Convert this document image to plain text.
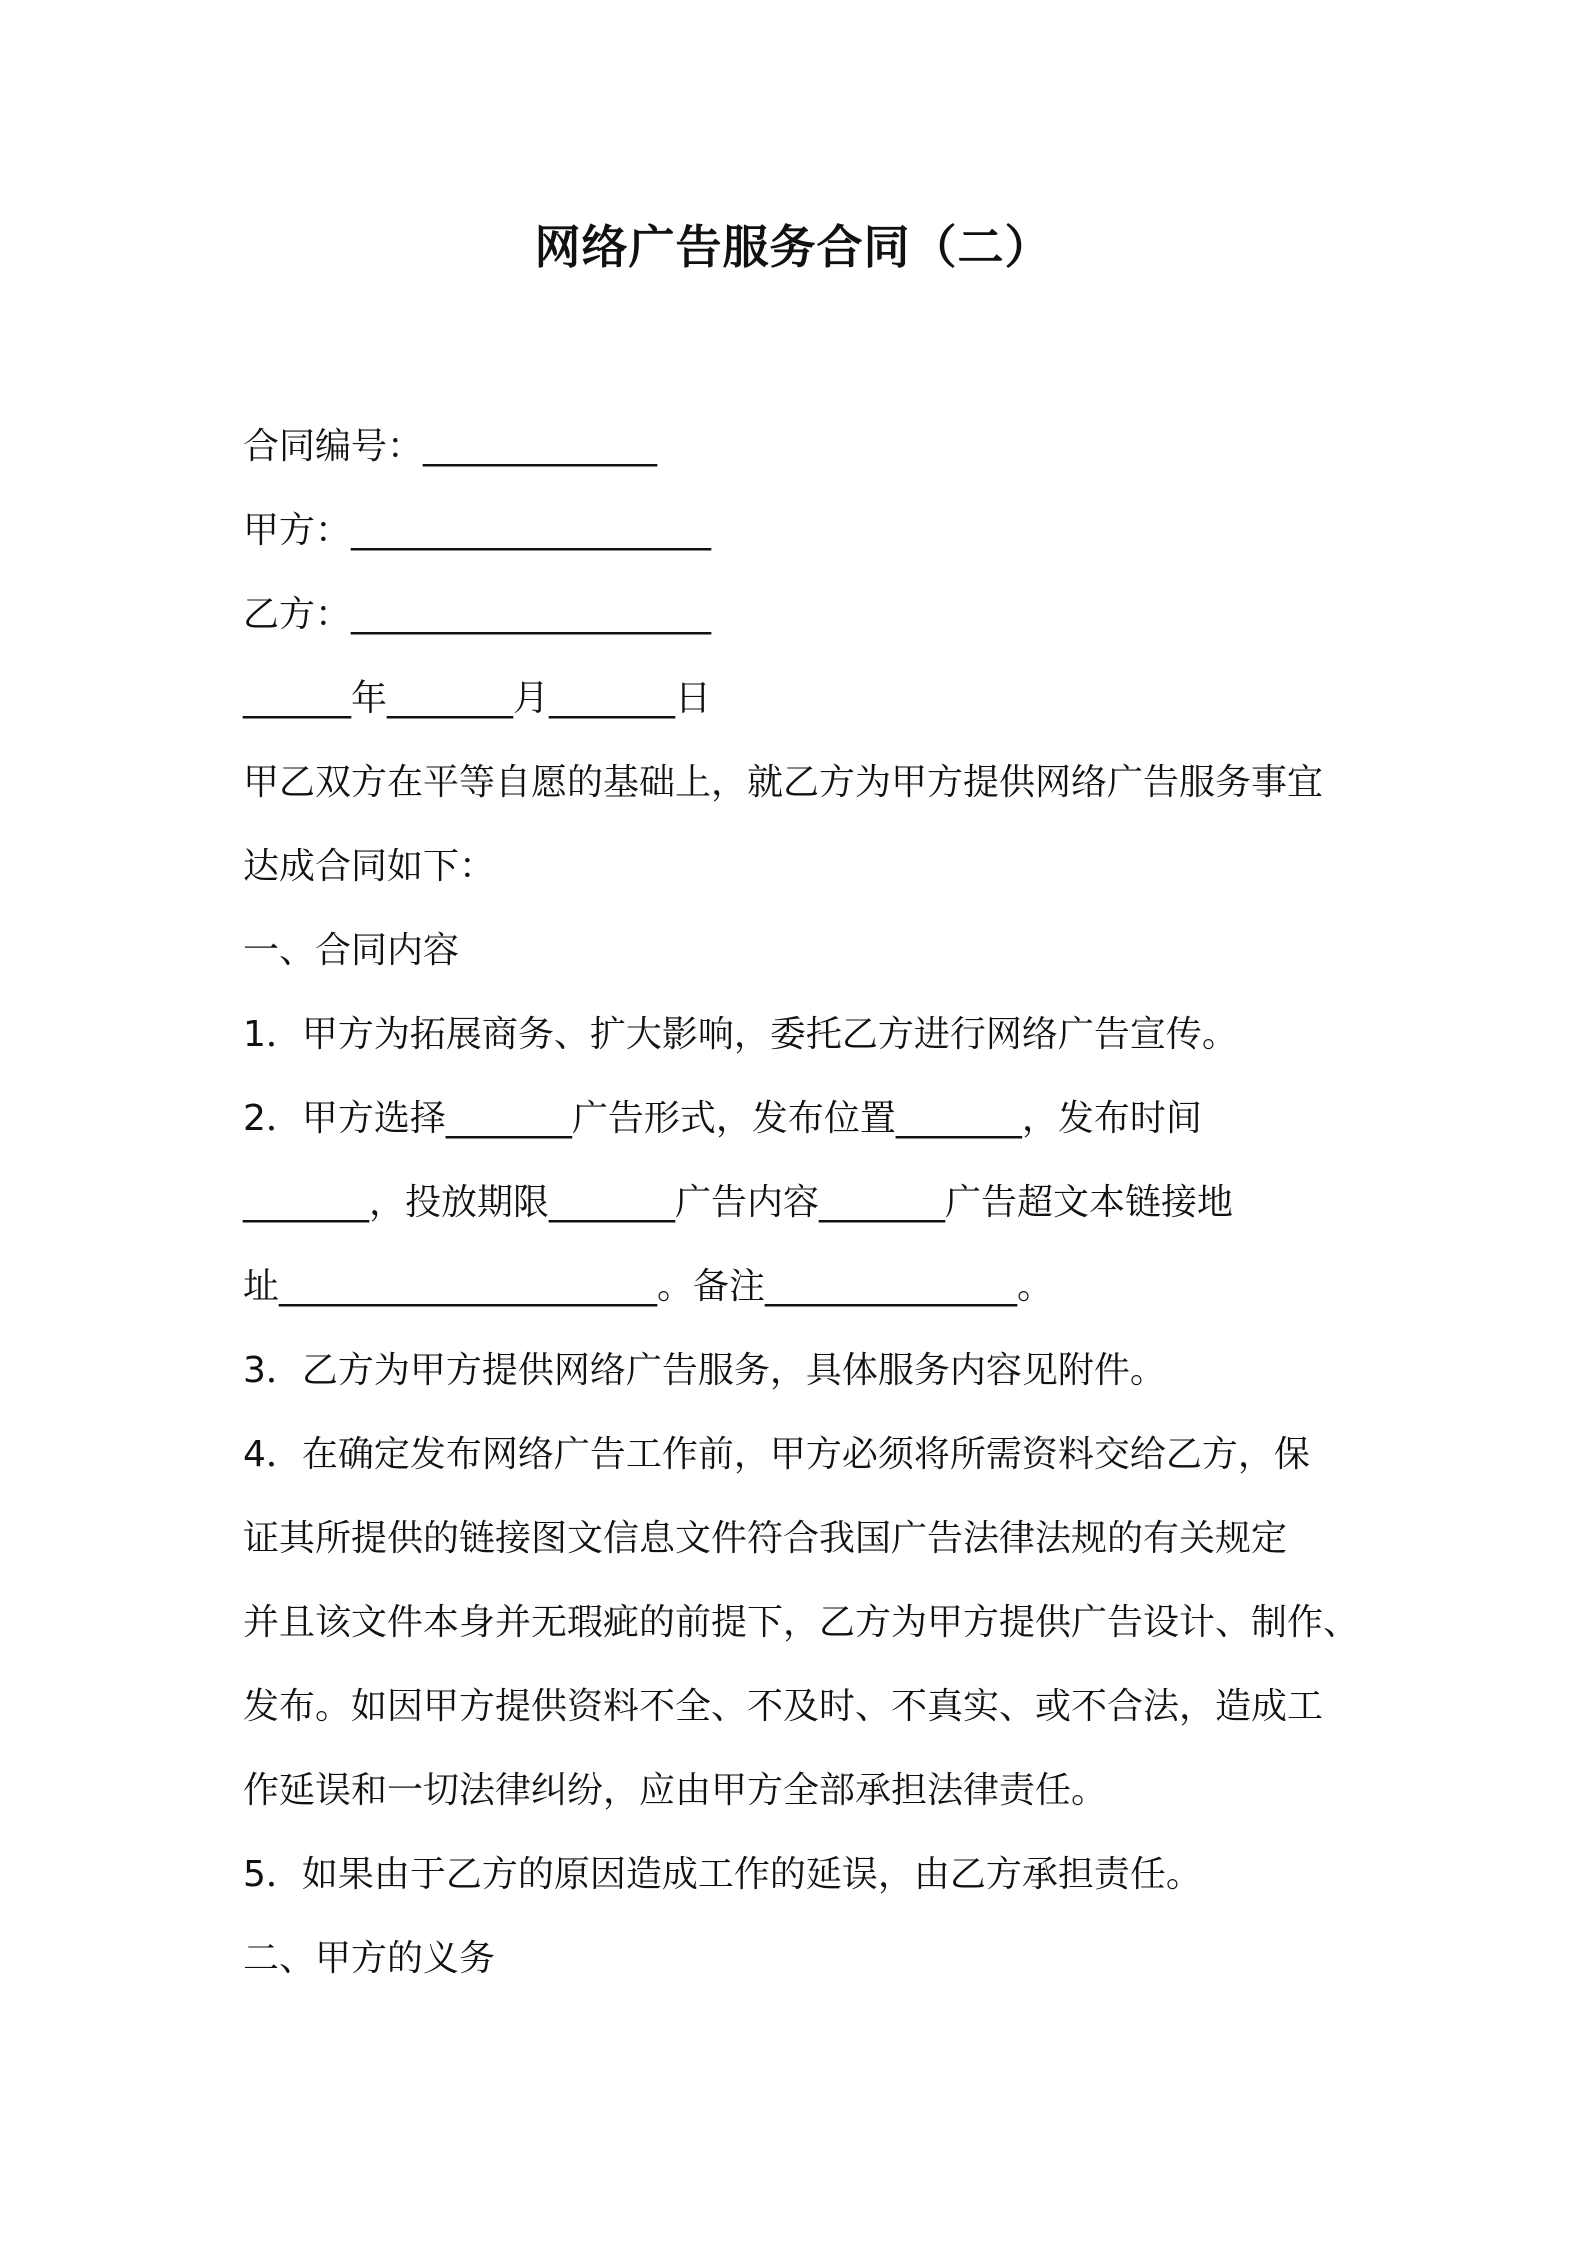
网络广告服务合同（二）
合同编号：_____________
甲方：____________________
乙方：____________________
______年_______月_______日
甲乙双方在平等自愿的基础上，就乙方为甲方提供网络广告服务事宜
达成合同如下：
一、合同内容
1．甲方为拓展商务、扩大影响，委托乙方进行网络广告宣传。
2．甲方选择_______广告形式，发布位置_______，发布时间
_______，投放期限_______广告内容_______广告超文本链接地
址_____________________。备注______________。
3．乙方为甲方提供网络广告服务，具体服务内容见附件。
4．在确定发布网络广告工作前，甲方必须将所需资料交给乙方，保
证其所提供的链接图文信息文件符合我国广告法律法规的有关规定
并且该文件本身并无瑕疵的前提下，乙方为甲方提供广告设计、制作、
发布。如因甲方提供资料不全、不及时、不真实、或不合法，造成工
作延误和一切法律纠纷，应由甲方全部承担法律责任。
5．如果由于乙方的原因造成工作的延误，由乙方承担责任。
二、甲方的义务
